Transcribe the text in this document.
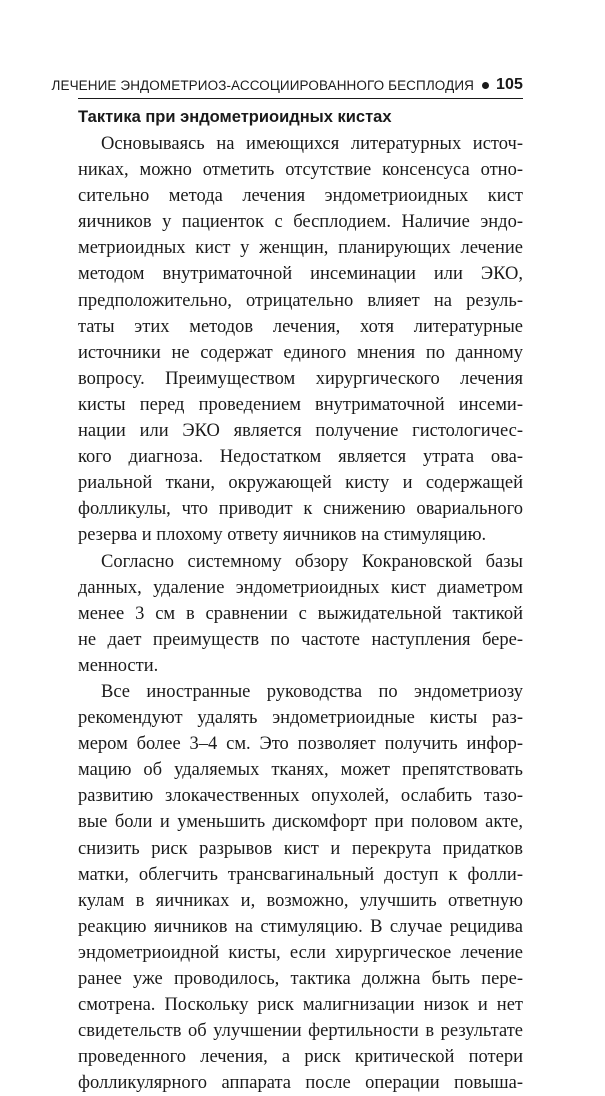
ЛЕЧЕНИЕ ЭНДОМЕТРИОЗ-АССОЦИИРОВАННОГО БЕСПЛОДИЯ 105
Тактика при эндометриоидных кистах
Основываясь на имеющихся литературных источ-
никах, можно отметить отсутствие консенсуса отно-
сительно метода лечения эндометриоидных кист
яичников у пациенток с бесплодием. Наличие эндо-
метриоидных кист у женщин, планирующих лечение
методом внутриматочной инсеминации или ЭКО,
предположительно, отрицательно влияет на резуль-
таты этих методов лечения, хотя литературные
источники не содержат единого мнения по данному
вопросу. Преимуществом хирургического лечения
кисты перед проведением внутриматочной инсеми-
нации или ЭКО является получение гистологичес-
кого диагноза. Недостатком является утрата ова-
риальной ткани, окружающей кисту и содержащей
фолликулы, что приводит к снижению овариального
резерва и плохому ответу яичников на стимуляцию.
Согласно системному обзору Кокрановской базы
данных, удаление эндометриоидных кист диаметром
менее 3 см в сравнении с выжидательной тактикой
не дает преимуществ по частоте наступления бере-
менности.
Все иностранные руководства по эндометриозу
рекомендуют удалять эндометриоидные кисты раз-
мером более 3–4 см. Это позволяет получить инфор-
мацию об удаляемых тканях, может препятствовать
развитию злокачественных опухолей, ослабить тазо-
вые боли и уменьшить дискомфорт при половом акте,
снизить риск разрывов кист и перекрута придатков
матки, облегчить трансвагинальный доступ к фолли-
кулам в яичниках и, возможно, улучшить ответную
реакцию яичников на стимуляцию. В случае рецидива
эндометриоидной кисты, если хирургическое лечение
ранее уже проводилось, тактика должна быть пере-
смотрена. Поскольку риск малигнизации низок и нет
свидетельств об улучшении фертильности в результате
проведенного лечения, а риск критической потери
фолликулярного аппарата после операции повыша-
